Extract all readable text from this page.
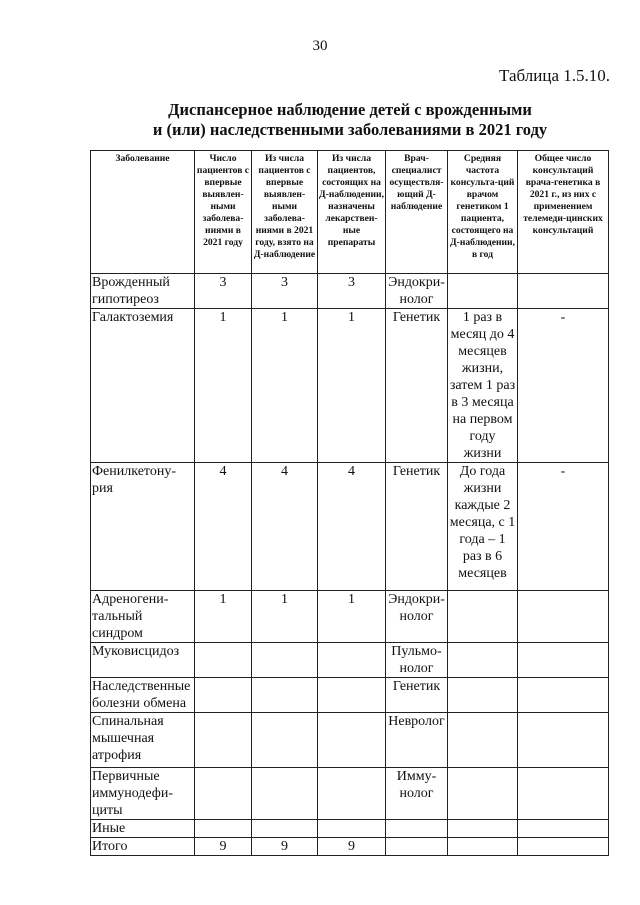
30
Таблица 1.5.10.
Диспансерное наблюдение детей с врожденными
и (или) наследственными заболеваниями в 2021 году
Заболевание	Число пациентов с впервые выявлен-ными заболева-ниями в 2021 году	Из числа пациентов с впервые выявлен-ными заболева-ниями в 2021 году, взято на Д-наблюдение	Из числа пациентов, состоящих на Д-наблюдении, назначены лекарствен-ные препараты	Врач-специалист осуществля-ющий Д-наблюдение	Средняя частота консульта-ций врачом генетиком 1 пациента, состоящего на Д-наблюдении, в год	Общее число консультаций врача-генетика в 2021 г., из них с применением телемеди-цинских консультаций
Врожденный гипотиреоз	3	3	3	Эндокри-нолог		
Галактоземия	1	1	1	Генетик	1 раз в месяц до 4 месяцев жизни, затем 1 раз в 3 месяца на первом году жизни	-
Фенилкетону-рия	4	4	4	Генетик	До года жизни каждые 2 месяца, с 1 года – 1 раз в 6 месяцев	-
Адреногени-тальный синдром	1	1	1	Эндокри-нолог		
Муковисцидоз				Пульмо-нолог		
Наследственные болезни обмена				Генетик		
Спинальная мышечная атрофия				Невролог		
Первичные иммунодефи-циты				Имму-нолог		
Иные						
Итого	9	9	9			
